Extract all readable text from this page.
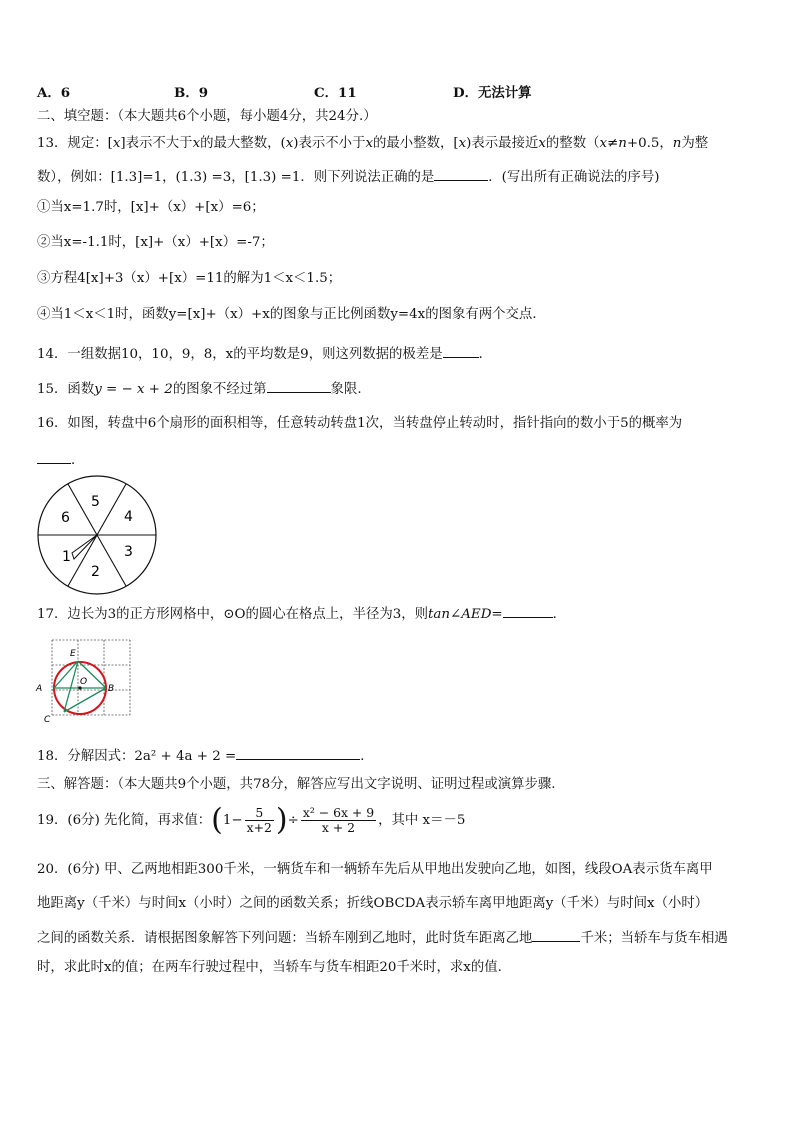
A．6	B．9	C．11	D．无法计算
二、填空题：（本大题共6个小题，每小题4分，共24分.）
13．规定：[x]表示不大于x的最大整数，(x)表示不小于x的最小整数，[x)表示最接近x的整数（x≠n+0.5，n为整
数），例如：[1.3]=1，(1.3) =3，[1.3) =1．则下列说法正确的是	．(写出所有正确说法的序号)
①当x=1.7时，[x]+（x）+[x）=6；
②当x=-1.1时，[x]+（x）+[x）=-7；
③方程4[x]+3（x）+[x）=11的解为1＜x＜1.5；
④当1＜x＜1时，函数y=[x]+（x）+x的图象与正比例函数y=4x的图象有两个交点．
14．一组数据10，10，9，8，x的平均数是9，则这列数据的极差是	．
15．函数y = − x + 2的图象不经过第	象限.
16．如图，转盘中6个扇形的面积相等，任意转动转盘1次，当转盘停止转动时，指针指向的数小于5的概率为
．
5
4
3
2
1
6
17．边长为3的正方形网格中，⊙O的圆心在格点上，半径为3，则tan∠AED=	．
E
O
A	B
C
18．分解因式：2a² + 4a + 2 =	．
三、解答题：（本大题共9个小题，共78分，解答应写出文字说明、证明过程或演算步骤.
19．(6分) 先化简，再求值：($1- \frac{5}{x+2}$ )÷ $\frac{\text{x² − 6x + 9}}{x + 2}$ ，其中 x＝－5
20．(6分) 甲、乙两地相距300千米，一辆货车和一辆轿车先后从甲地出发驶向乙地，如图，线段OA表示货车离甲
地距离y（千米）与时间x（小时）之间的函数关系；折线OBCDA表示轿车离甲地距离y（千米）与时间x（小时）
之间的函数关系．请根据图象解答下列问题：当轿车刚到乙地时，此时货车距离乙地	千米；当轿车与货车相遇
时，求此时x的值；在两车行驶过程中，当轿车与货车相距20千米时，求x的值.
